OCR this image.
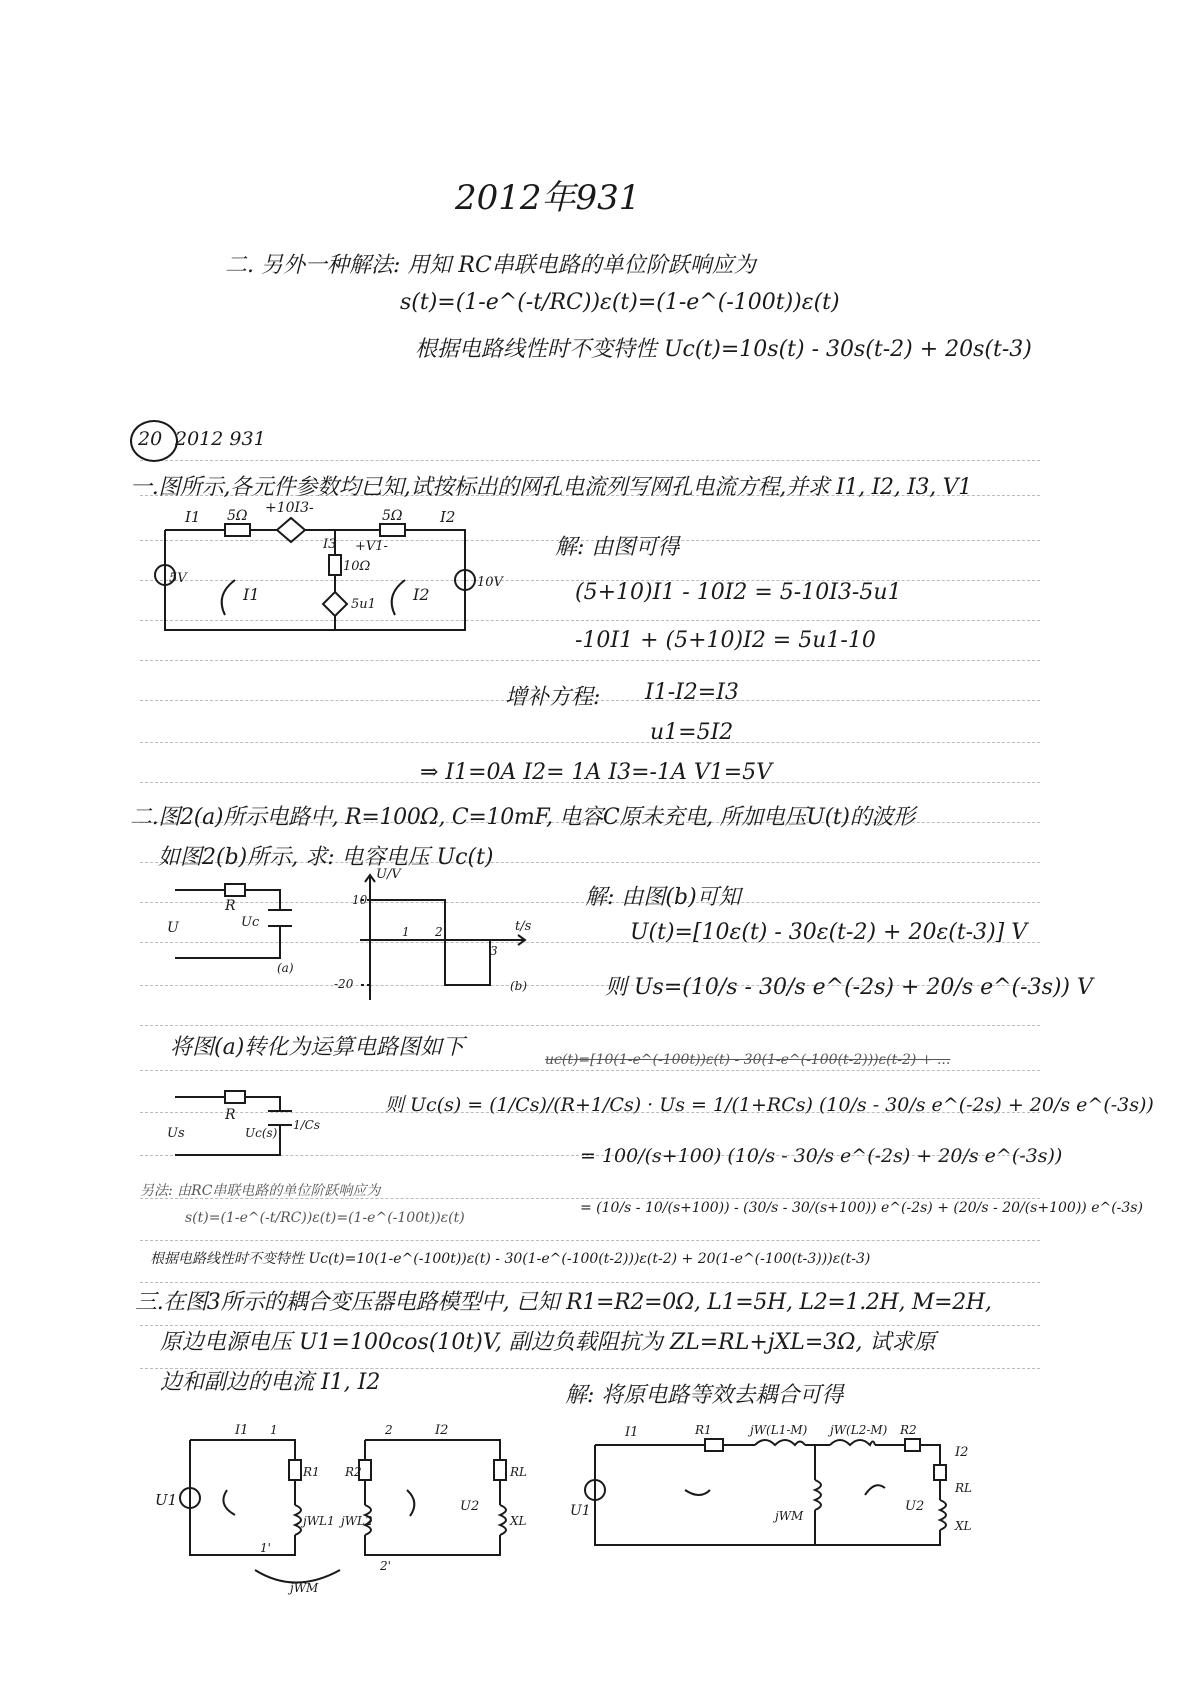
2012年931
二. 另外一种解法: 用知 RC串联电路的单位阶跃响应为
s(t)=(1-e^(-t/RC))ε(t)=(1-e^(-100t))ε(t)
根据电路线性时不变特性 Uc(t)=10s(t) - 30s(t-2) + 20s(t-3)
20 2012 931
一.图所示,各元件参数均已知,试按标出的网孔电流列写网孔电流方程,并求 I1, I2, I3, V1
I1 5Ω +10I3-	5Ω I2
I3 +V1-
5V
10Ω
5u1
I1	I2
10V
解: 由图可得
(5+10)I1 - 10I2 = 5-10I3-5u1
-10I1 + (5+10)I2 = 5u1-10
增补方程: I1-I2=I3
u1=5I2
⇒ I1=0A I2= 1A I3=-1A V1=5V
二.图2(a)所示电路中, R=100Ω, C=10mF, 电容C原未充电, 所加电压U(t)的波形
如图2(b)所示, 求: 电容电压 Uc(t)
R
U	Uc
(a)
U/V
t/s
10
-20
1 2
3
(b)
解: 由图(b)可知
U(t)=[10ε(t) - 30ε(t-2) + 20ε(t-3)] V
则 Us=(10/s - 30/s e^(-2s) + 20/s e^(-3s)) V
将图(a)转化为运算电路图如下	uc(t)=[10(1-e^(-100t))ε(t) - 30(1-e^(-100(t-2)))ε(t-2) + ...
R
Us	Uc(s)
1/Cs
则 Uc(s) = (1/Cs)/(R+1/Cs) · Us = 1/(1+RCs) (10/s - 30/s e^(-2s) + 20/s e^(-3s))
= 100/(s+100) (10/s - 30/s e^(-2s) + 20/s e^(-3s))
另法: 由RC串联电路的单位阶跃响应为
= (10/s - 10/(s+100)) - (30/s - 30/(s+100)) e^(-2s) + (20/s - 20/(s+100)) e^(-3s)
s(t)=(1-e^(-t/RC))ε(t)=(1-e^(-100t))ε(t)
根据电路线性时不变特性 Uc(t)=10(1-e^(-100t))ε(t) - 30(1-e^(-100(t-2)))ε(t-2) + 20(1-e^(-100(t-3)))ε(t-3)
三.在图3所示的耦合变压器电路模型中, 已知 R1=R2=0Ω, L1=5H, L2=1.2H, M=2H,
原边电源电压 U1=100cos(10t)V, 副边负载阻抗为 ZL=RL+jXL=3Ω, 试求原
边和副边的电流 I1, I2
解: 将原电路等效去耦合可得
U1
I1 1
R1
jWL1
1'
R2
2	I2
U2
RL
XL
jWL2
2'
jWM
U1
I1	R1	jW(L1-M) jW(L2-M) R2
jWM
I2
U2
RL
XL
